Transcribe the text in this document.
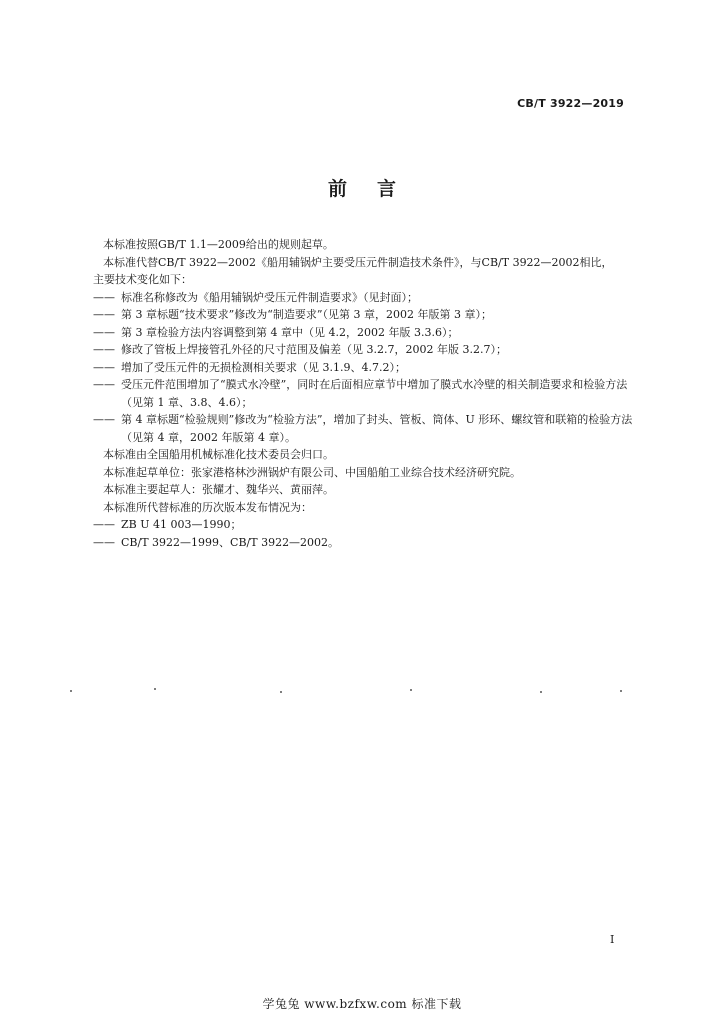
CB/T 3922—2019
前言

本标准按照GB/T 1.1—2009给出的规则起草。

本标准代替CB/T 3922—2002《船用辅锅炉主要受压元件制造技术条件》，与CB/T 3922—2002相比，

主要技术变化如下：

—— 标准名称修改为《船用辅锅炉受压元件制造要求》（见封面）；
—— 第 3 章标题“技术要求”修改为“制造要求”（见第 3 章，2002 年版第 3 章）；
—— 第 3 章检验方法内容调整到第 4 章中（见 4.2，2002 年版 3.3.6）；
—— 修改了管板上焊接管孔外径的尺寸范围及偏差（见 3.2.7，2002 年版 3.2.7）；
—— 增加了受压元件的无损检测相关要求（见 3.1.9、4.7.2）；
—— 受压元件范围增加了“膜式水冷壁”，同时在后面相应章节中增加了膜式水冷壁的相关制造要求和检验方法（见第 1 章、3.8、4.6）；
—— 第 4 章标题“检验规则”修改为“检验方法”，增加了封头、管板、筒体、U 形环、螺纹管和联箱的检验方法（见第 4 章，2002 年版第 4 章）。

本标准由全国船用机械标准化技术委员会归口。

本标准起草单位：张家港格林沙洲锅炉有限公司、中国船舶工业综合技术经济研究院。

本标准主要起草人：张耀才、魏华兴、黄丽萍。

本标准所代替标准的历次版本发布情况为：

—— ZB U 41 003—1990；
—— CB/T 3922—1999、CB/T 3922—2002。
I
学兔兔 www.bzfxw.com 标准下载
